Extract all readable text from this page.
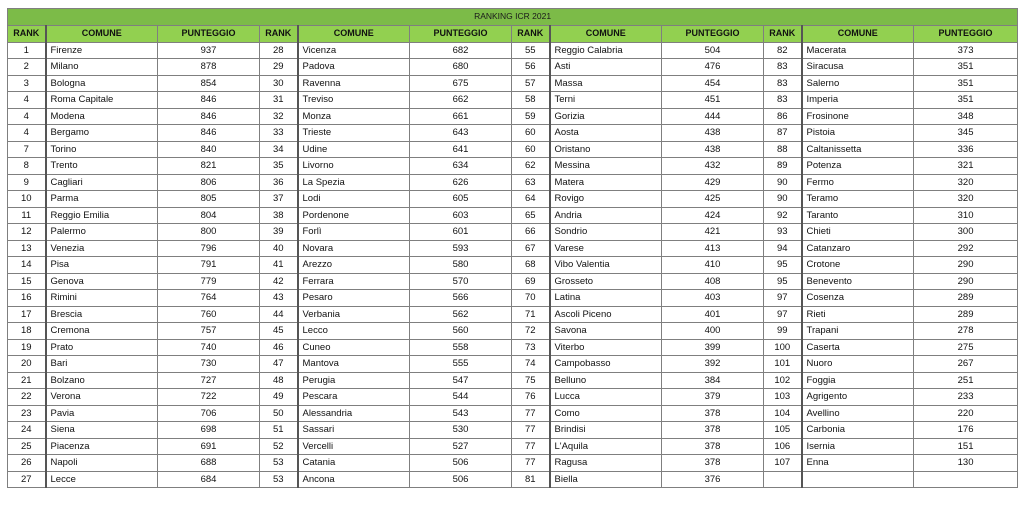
RANKING ICR 2021											
RANK	COMUNE	PUNTEGGIO	RANK	COMUNE	PUNTEGGIO	RANK	COMUNE	PUNTEGGIO	RANK	COMUNE	PUNTEGGIO
1	Firenze	937	28	Vicenza	682	55	Reggio Calabria	504	82	Macerata	373
2	Milano	878	29	Padova	680	56	Asti	476	83	Siracusa	351
3	Bologna	854	30	Ravenna	675	57	Massa	454	83	Salerno	351
4	Roma Capitale	846	31	Treviso	662	58	Terni	451	83	Imperia	351
4	Modena	846	32	Monza	661	59	Gorizia	444	86	Frosinone	348
4	Bergamo	846	33	Trieste	643	60	Aosta	438	87	Pistoia	345
7	Torino	840	34	Udine	641	60	Oristano	438	88	Caltanissetta	336
8	Trento	821	35	Livorno	634	62	Messina	432	89	Potenza	321
9	Cagliari	806	36	La Spezia	626	63	Matera	429	90	Fermo	320
10	Parma	805	37	Lodi	605	64	Rovigo	425	90	Teramo	320
11	Reggio Emilia	804	38	Pordenone	603	65	Andria	424	92	Taranto	310
12	Palermo	800	39	Forlì	601	66	Sondrio	421	93	Chieti	300
13	Venezia	796	40	Novara	593	67	Varese	413	94	Catanzaro	292
14	Pisa	791	41	Arezzo	580	68	Vibo Valentia	410	95	Crotone	290
15	Genova	779	42	Ferrara	570	69	Grosseto	408	95	Benevento	290
16	Rimini	764	43	Pesaro	566	70	Latina	403	97	Cosenza	289
17	Brescia	760	44	Verbania	562	71	Ascoli Piceno	401	97	Rieti	289
18	Cremona	757	45	Lecco	560	72	Savona	400	99	Trapani	278
19	Prato	740	46	Cuneo	558	73	Viterbo	399	100	Caserta	275
20	Bari	730	47	Mantova	555	74	Campobasso	392	101	Nuoro	267
21	Bolzano	727	48	Perugia	547	75	Belluno	384	102	Foggia	251
22	Verona	722	49	Pescara	544	76	Lucca	379	103	Agrigento	233
23	Pavia	706	50	Alessandria	543	77	Como	378	104	Avellino	220
24	Siena	698	51	Sassari	530	77	Brindisi	378	105	Carbonia	176
25	Piacenza	691	52	Vercelli	527	77	L'Aquila	378	106	Isernia	151
26	Napoli	688	53	Catania	506	77	Ragusa	378	107	Enna	130
27	Lecce	684	53	Ancona	506	81	Biella	376			
